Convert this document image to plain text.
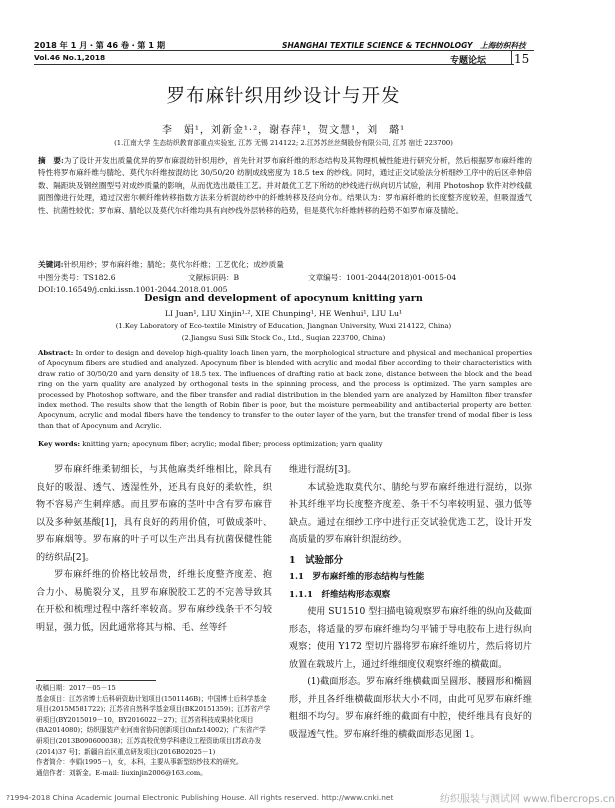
2018 年 1 月・第 46 卷・第 1 期
Vol.46 No.1,2018
SHANGHAI TEXTILE SCIENCE & TECHNOLOGY　 上海纺织科技
专题论坛 15
罗布麻针织用纱设计与开发
李　娟¹，刘新金¹·²，谢春萍¹，贺文慧¹，刘　璐¹
(1.江南大学 生态纺织教育部重点实验室, 江苏 无锡 214122; 2.江苏苏丝丝绸股份有限公司, 江苏 宿迁 223700)
摘　要:为了设计开发出质量优异的罗布麻混纺针织用纱，首先针对罗布麻纤维的形态结构及其物理机械性能进行研究分析，然后根据罗布麻纤维的特性将罗布麻纤维与腈纶、莫代尔纤维按混纺比 30/50/20 纺制成线密度为 18.5 tex 的纱线。同时，通过正交试验法分析细纱工序中的后区牵伸倍数、隔距块及钢丝圈型号对成纱质量的影响，从而优选出最佳工艺。并对最优工艺下所纺的纱线进行纵向切片试验，利用 Photoshop 软件对纱线截面图像进行处理，通过汉密尔顿纤维转移指数方法来分析混纺纱中的纤维转移及径向分布。结果认为：罗布麻纤维的长度整齐度较差，但吸湿透气性、抗菌性较优；罗布麻、腈纶以及莫代尔纤维均具有向纱线外层转移的趋势，但是莫代尔纤维转移的趋势不如罗布麻及腈纶。
关键词:针织用纱；罗布麻纤维；腈纶；莫代尔纤维；工艺优化；成纱质量
中图分类号：TS182.6	文献标识码：B	文章编号：1001-2044(2018)01-0015-04
DOI:10.16549/j.cnki.issn.1001-2044.2018.01.005
Design and development of apocynum knitting yarn
LI Juan¹, LIU Xinjin¹·², XIE Chunping¹, HE Wenhui¹, LIU Lu¹
(1.Key Laboratory of Eco-textile Ministry of Education, Jiangnan University, Wuxi 214122, China)
(2.Jiangsu Susi Silk Stock Co., Ltd., Suqian 223700, China)
Abstract: In order to design and develop high-quality loach linen yarn, the morphological structure and physical and mechanical properties of Apocynum fibers are studied and analyzed. Apocynum fiber is blended with acrylic and modal fiber according to their characteristics with draw ratio of 30/50/20 and yarn density of 18.5 tex. The influences of drafting ratio at back zone, distance between the block and the bead ring on the yarn quality are analyzed by orthogonal tests in the spinning process, and the process is optimized. The yarn samples are processed by Photoshop software, and the fiber transfer and radial distribution in the blended yarn are analyzed by Hamilton fiber transfer index method. The results show that the length of Robin fiber is poor, but the moisture permeability and antibacterial property are better. Apocynum, acrylic and modal fibers have the tendency to transfer to the outer layer of the yarn, but the transfer trend of modal fiber is less than that of Apocynum and Acrylic.
Key words: knitting yarn; apocynum fiber; acrylic; modal fiber; process optimization; yarn quality

罗布麻纤维柔韧细长，与其他麻类纤维相比，除具有良好的吸湿、透气、透湿性外，还具有良好的柔软性，织物不容易产生刺痒感。而且罗布麻的茎叶中含有罗布麻苷以及多种氨基酸[1]，具有良好的药用价值，可做成茶叶、罗布麻烟等。罗布麻的叶子可以生产出具有抗菌保健性能的纺织品[2]。

罗布麻纤维的价格比较昂贵，纤维长度整齐度差、抱合力小、易脆裂分叉，且罗布麻脱胶工艺的不完善导致其在开松和梳理过程中落纤率较高。罗布麻纱线条干不匀较明显，强力低，因此通常将其与棉、毛、丝等纤

收稿日期：2017－05－15
基金项目：江苏省博士后科研资助计划项目(1501146B)；中国博士后科学基金项目(2015M581722)；江苏省自然科学基金项目(BK20151359)；江苏省产学研项目(BY2015019－10，BY2016022－27)；江苏省科技成果转化项目(BA2014080)；纺织服装产业河南省协同创新项目(hnfz14002)；广东省产学研项目(2013B090600038)；江苏高校优势学科建设工程资助项目[苏政办发(2014)37 号]；新疆自治区重点研发项目(2016B02025－1)
作者简介：李娟(1995－)，女，本科，主要从事新型纺纱技术的研究。
通信作者：刘新金。E-mail: liuxinjin2006@163.com。
维进行混纺[3]。

本试验选取莫代尔、腈纶与罗布麻纤维进行混纺，以弥补其纤维平均长度整齐度差、条干不匀率较明显、强力低等缺点。通过在细纱工序中进行正交试验优选工艺，设计开发高质量的罗布麻针织混纺纱。

1　试验部分
1.1　罗布麻纤维的形态结构与性能
1.1.1　纤维结构形态观察

使用 SU1510 型扫描电镜观察罗布麻纤维的纵向及截面形态，将适量的罗布麻纤维均匀平铺于导电胶布上进行纵向观察；使用 Y172 型切片器将罗布麻纤维切片，然后将切片放置在载玻片上，通过纤维细度仪观察纤维的横截面。

(1)截面形态。罗布麻纤维横截面呈圆形、腰圆形和椭圆形，并且各纤维横截面形状大小不同，由此可见罗布麻纤维粗细不均匀。罗布麻纤维的截面有中腔，使纤维具有良好的吸湿透气性。罗布麻纤维的横截面形态见图 1。

?1994-2018 China Academic Journal Electronic Publishing House. All rights reserved. http://www.cnki.net	纺织服装与测试网 www.fibercrops.cn
